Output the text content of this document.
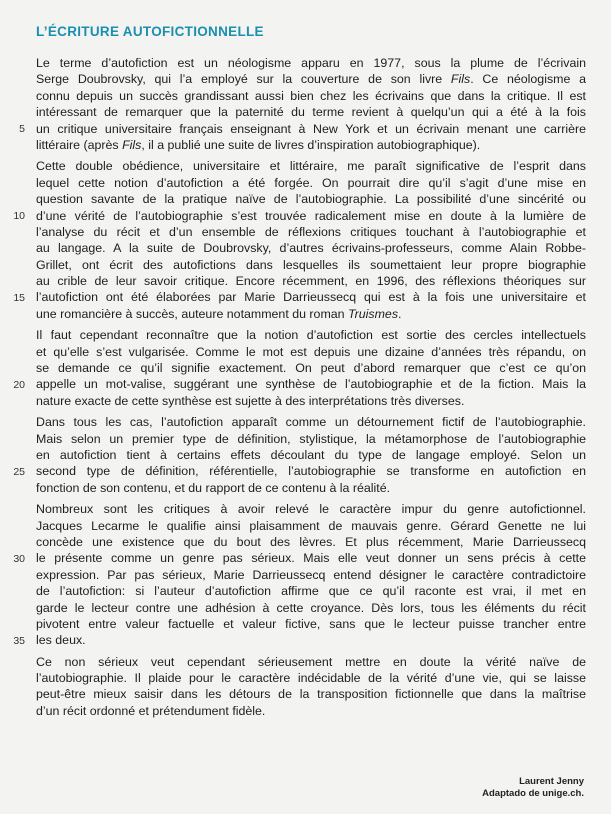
L’ÉCRITURE AUTOFICTIONNELLE
Le terme d’autofiction est un néologisme apparu en 1977, sous la plume de l’écrivain
Serge Doubrovsky, qui l’a employé sur la couverture de son livre Fils. Ce néologisme a
connu depuis un succès grandissant aussi bien chez les écrivains que dans la critique. Il est
intéressant de remarquer que la paternité du terme revient à quelqu’un qui a été à la fois
un critique universitaire français enseignant à New York et un écrivain menant une carrière
littéraire (après Fils, il a publié une suite de livres d’inspiration autobiographique).
Cette double obédience, universitaire et littéraire, me paraît significative de l’esprit dans
lequel cette notion d’autofiction a été forgée. On pourrait dire qu’il s’agit d’une mise en
question savante de la pratique naïve de l’autobiographie. La possibilité d’une sincérité ou
d’une vérité de l’autobiographie s’est trouvée radicalement mise en doute à la lumière de
l’analyse du récit et d’un ensemble de réflexions critiques touchant à l’autobiographie et
au langage. A la suite de Doubrovsky, d’autres écrivains-professeurs, comme Alain Robbe-
Grillet, ont écrit des autofictions dans lesquelles ils soumettaient leur propre biographie
au crible de leur savoir critique. Encore récemment, en 1996, des réflexions théoriques sur
l’autofiction ont été élaborées par Marie Darrieussecq qui est à la fois une universitaire et
une romancière à succès, auteure notamment du roman Truismes.
Il faut cependant reconnaître que la notion d’autofiction est sortie des cercles intellectuels
et qu’elle s’est vulgarisée. Comme le mot est depuis une dizaine d’années très répandu, on
se demande ce qu’il signifie exactement. On peut d’abord remarquer que c’est ce qu’on
appelle un mot-valise, suggérant une synthèse de l’autobiographie et de la fiction. Mais la
nature exacte de cette synthèse est sujette à des interprétations très diverses.
Dans tous les cas, l’autofiction apparaît comme un détournement fictif de l’autobiographie.
Mais selon un premier type de définition, stylistique, la métamorphose de l’autobiographie
en autofiction tient à certains effets découlant du type de langage employé. Selon un
second type de définition, référentielle, l’autobiographie se transforme en autofiction en
fonction de son contenu, et du rapport de ce contenu à la réalité.
Nombreux sont les critiques à avoir relevé le caractère impur du genre autofictionnel.
Jacques Lecarme le qualifie ainsi plaisamment de mauvais genre. Gérard Genette ne lui
concède une existence que du bout des lèvres. Et plus récemment, Marie Darrieussecq
le présente comme un genre pas sérieux. Mais elle veut donner un sens précis à cette
expression. Par pas sérieux, Marie Darrieussecq entend désigner le caractère contradictoire
de l’autofiction: si l’auteur d’autofiction affirme que ce qu’il raconte est vrai, il met en
garde le lecteur contre une adhésion à cette croyance. Dès lors, tous les éléments du récit
pivotent entre valeur factuelle et valeur fictive, sans que le lecteur puisse trancher entre
les deux.
Ce non sérieux veut cependant sérieusement mettre en doute la vérité naïve de
l’autobiographie. Il plaide pour le caractère indécidable de la vérité d’une vie, qui se laisse
peut-être mieux saisir dans les détours de la transposition fictionnelle que dans la maîtrise
d’un récit ordonné et prétendument fidèle.
5
10
15
20
25
30
35
Laurent Jenny
Adaptado de unige.ch.
